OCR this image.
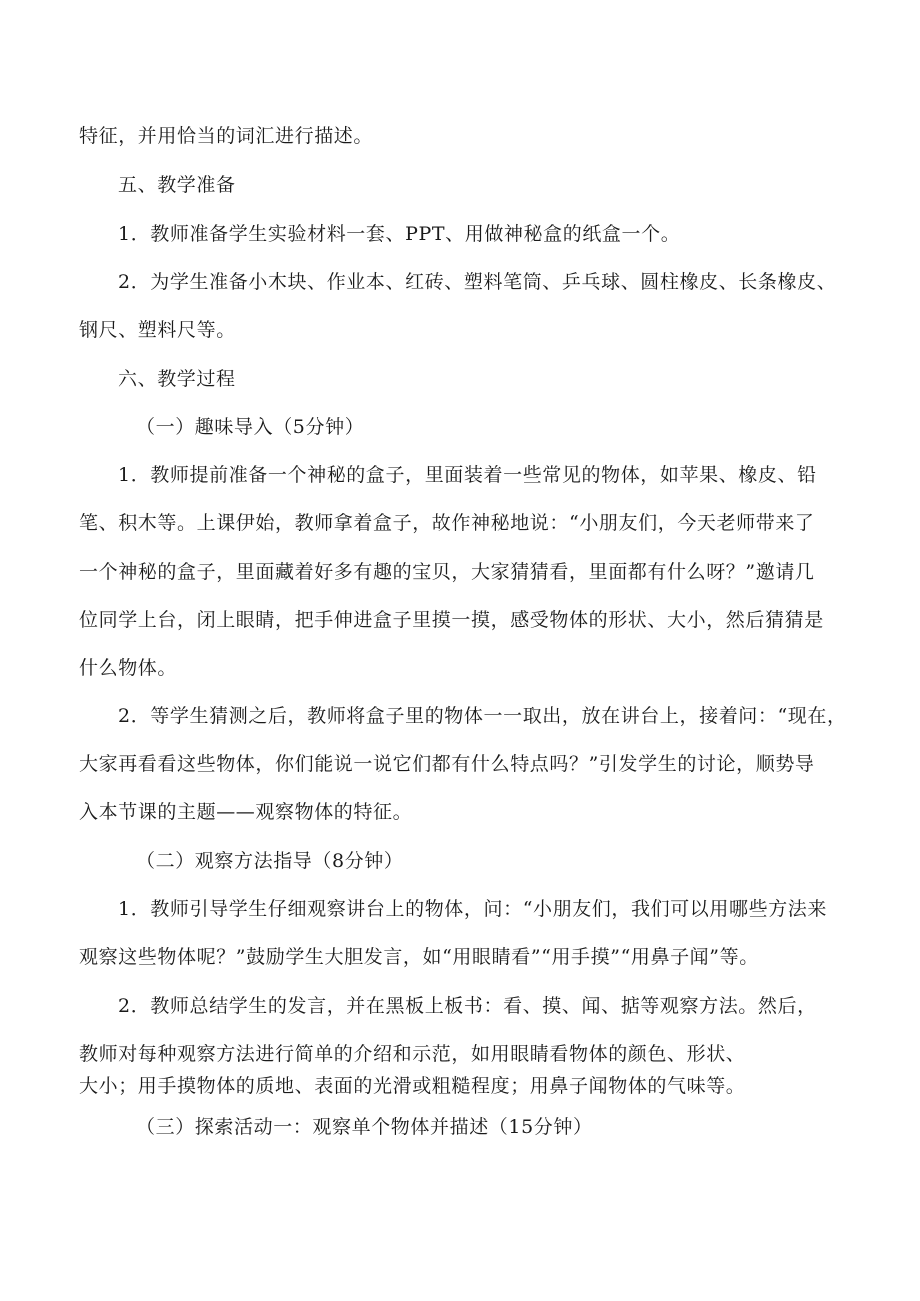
特征，并用恰当的词汇进行描述。
五、教学准备
1．教师准备学生实验材料一套、PPT、用做神秘盒的纸盒一个。
2．为学生准备小木块、作业本、红砖、塑料笔筒、乒乓球、圆柱橡皮、长条橡皮、
钢尺、塑料尺等。
六、教学过程
（一）趣味导入（5分钟）
1．教师提前准备一个神秘的盒子，里面装着一些常见的物体，如苹果、橡皮、铅
笔、积木等。上课伊始，教师拿着盒子，故作神秘地说：“小朋友们，今天老师带来了
一个神秘的盒子，里面藏着好多有趣的宝贝，大家猜猜看，里面都有什么呀？”邀请几
位同学上台，闭上眼睛，把手伸进盒子里摸一摸，感受物体的形状、大小，然后猜猜是
什么物体。
2．等学生猜测之后，教师将盒子里的物体一一取出，放在讲台上，接着问：“现在，
大家再看看这些物体，你们能说一说它们都有什么特点吗？”引发学生的讨论，顺势导
入本节课的主题——观察物体的特征。
（二）观察方法指导（8分钟）
1．教师引导学生仔细观察讲台上的物体，问：“小朋友们，我们可以用哪些方法来
观察这些物体呢？”鼓励学生大胆发言，如“用眼睛看”“用手摸”“用鼻子闻”等。
2．教师总结学生的发言，并在黑板上板书：看、摸、闻、掂等观察方法。然后，
教师对每种观察方法进行简单的介绍和示范，如用眼睛看物体的颜色、形状、
大小；用手摸物体的质地、表面的光滑或粗糙程度；用鼻子闻物体的气味等。
（三）探索活动一：观察单个物体并描述（15分钟）
